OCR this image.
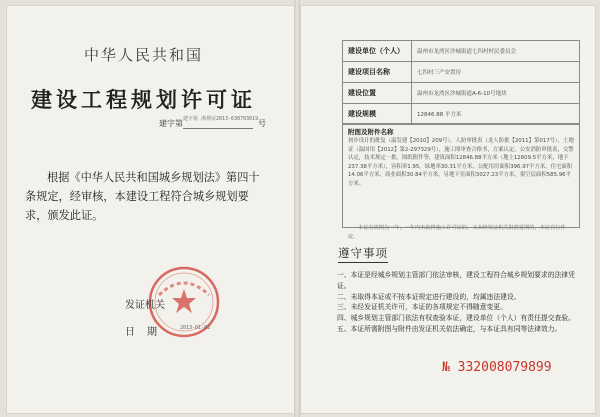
中华人民共和国
建设工程规划许可证
建字第 建字第 浙规证2013-630703019 号
根据《中华人民共和国城乡规划法》第四十条规定，经审核，本建设工程符合城乡规划要求，颁发此证。
发证机关
日期 2013-01-02
建设单位（个人）	温州市龙湾区沙城街道七四村村民委员会
建设项目名称	七四村三产安置房
建设位置	温州市龙湾区沙城街道A-6-10号地块
建设规模	12846.88 平方米
附图及附件名称
初步设计的批复（温发建【2010】209号），人防审批表（龙人防批【2011】第017号），土地证（温国用【2012】第2-297329号），施工图审查合格书，方案认定，公安消防审批表，交警认定，技术规定一批、图纸附件等，建筑面积12846.88平方米（地上12609.5平方米，地下237.38平方米），容积率1.95，绿地率30.31平方米，公配用房面积396.97平方米，住宅面积14.06平方米，商业面积30.84平方米，另地下室面积3027.23平方米，架空层面积585.96平方米。
本证有效期为一年，一年内未取得施工许可证的，又未经发证机关批准延期的，本证自行作废。
遵守事项

一、本证是经城乡规划主管部门依法审核，建设工程符合城乡规划要求的法律凭证。

二、未取得本证或不按本证规定进行建设的，均属违法建设。

三、未经发证机关许可，本证的各项规定不得随意变更。

四、城乡规划主管部门依法有权查验本证，建设单位（个人）有责任提交查验。

五、本证所需附图与附件由发证机关依法确定，与本证具有同等法律效力。

№ 332008079899
